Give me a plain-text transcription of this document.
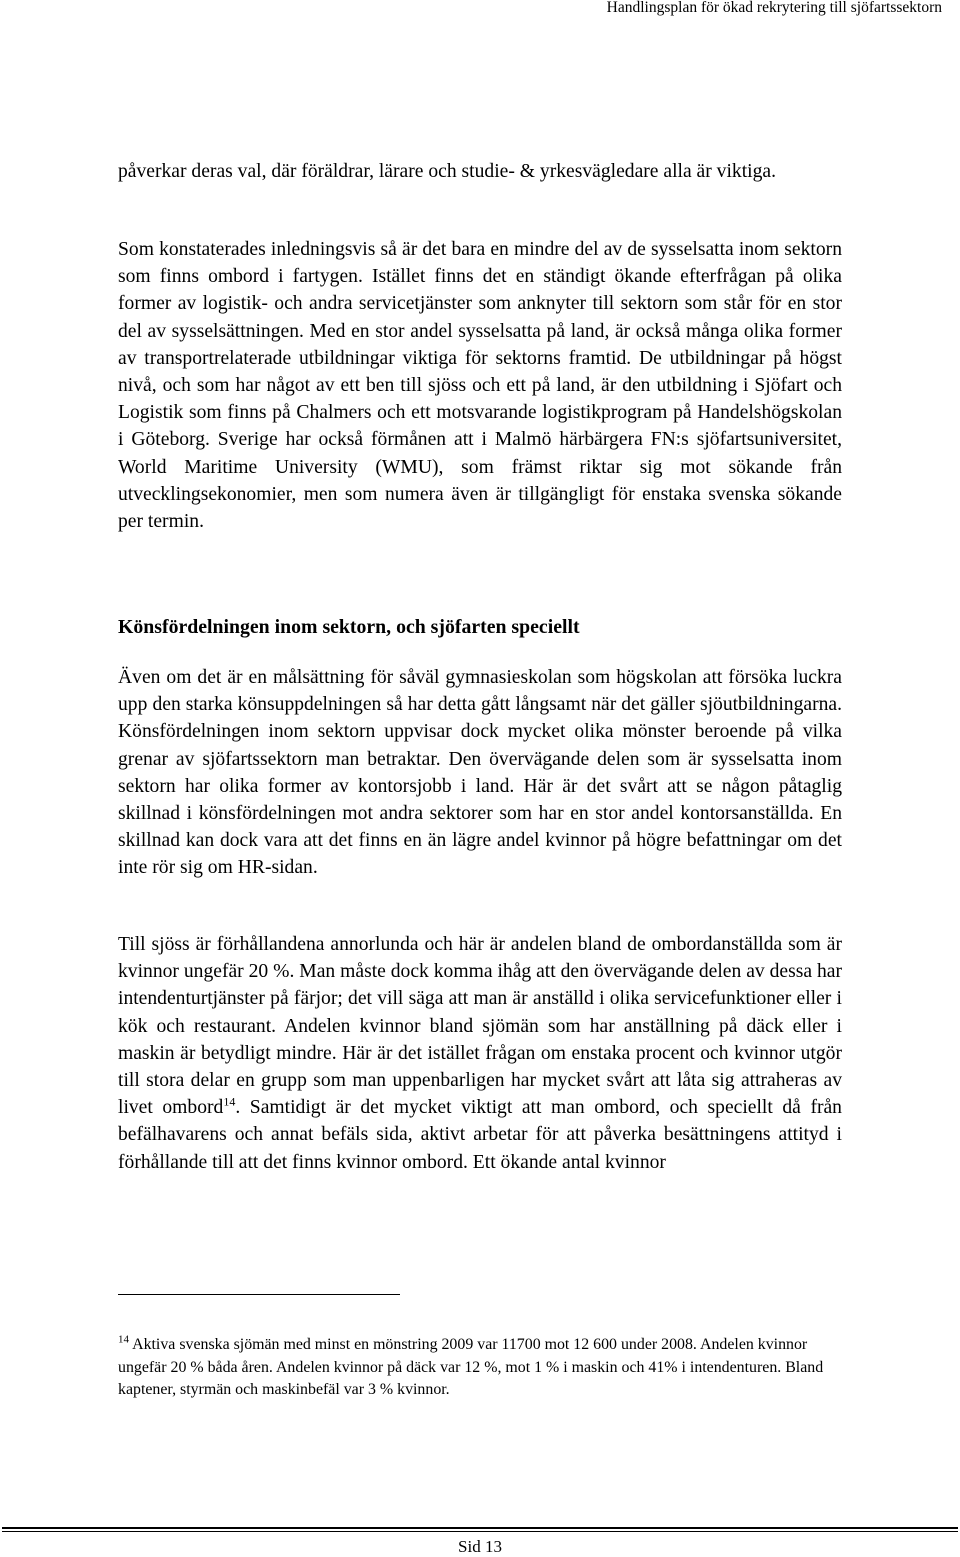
Handlingsplan för ökad rekrytering till sjöfartssektorn

påverkar deras val, där föräldrar, lärare och studie- & yrkesvägledare alla är viktiga.

Som konstaterades inledningsvis så är det bara en mindre del av de sysselsatta inom sektorn som finns ombord i fartygen. Istället finns det en ständigt ökande efterfrågan på olika former av logistik- och andra servicetjänster som anknyter till sektorn som står för en stor del av sysselsättningen. Med en stor andel sysselsatta på land, är också många olika former av transportrelaterade utbildningar viktiga för sektorns framtid. De utbildningar på högst nivå, och som har något av ett ben till sjöss och ett på land, är den utbildning i Sjöfart och Logistik som finns på Chalmers och ett motsvarande logistikprogram på Handelshögskolan i Göteborg. Sverige har också förmånen att i Malmö härbärgera FN:s sjöfartsuniversitet, World Maritime University (WMU), som främst riktar sig mot sökande från utvecklingsekonomier, men som numera även är tillgängligt för enstaka svenska sökande per termin.

Könsfördelningen inom sektorn, och sjöfarten speciellt

Även om det är en målsättning för såväl gymnasieskolan som högskolan att försöka luckra upp den starka könsuppdelningen så har detta gått långsamt när det gäller sjöutbildningarna. Könsfördelningen inom sektorn uppvisar dock mycket olika mönster beroende på vilka grenar av sjöfartssektorn man betraktar. Den övervägande delen som är sysselsatta inom sektorn har olika former av kontorsjobb i land. Här är det svårt att se någon påtaglig skillnad i könsfördelningen mot andra sektorer som har en stor andel kontorsanställda. En skillnad kan dock vara att det finns en än lägre andel kvinnor på högre befattningar om det inte rör sig om HR-sidan.

Till sjöss är förhållandena annorlunda och här är andelen bland de ombordanställda som är kvinnor ungefär 20 %. Man måste dock komma ihåg att den övervägande delen av dessa har intendenturtjänster på färjor; det vill säga att man är anställd i olika servicefunktioner eller i kök och restaurant. Andelen kvinnor bland sjömän som har anställning på däck eller i maskin är betydligt mindre. Här är det istället frågan om enstaka procent och kvinnor utgör till stora delar en grupp som man uppenbarligen har mycket svårt att låta sig attraheras av livet ombord$^{14}$. Samtidigt är det mycket viktigt att man ombord, och speciellt då från befälhavarens och annat befäls sida, aktivt arbetar för att påverka besättningens attityd i förhållande till att det finns kvinnor ombord. Ett ökande antal kvinnor

$^{14}$ Aktiva svenska sjömän med minst en mönstring 2009 var 11700 mot 12 600 under 2008. Andelen kvinnor ungefär 20 % båda åren. Andelen kvinnor på däck var 12 %, mot 1 % i maskin och 41% i intendenturen. Bland kaptener, styrmän och maskinbefäl var 3 % kvinnor.

Sid 13
